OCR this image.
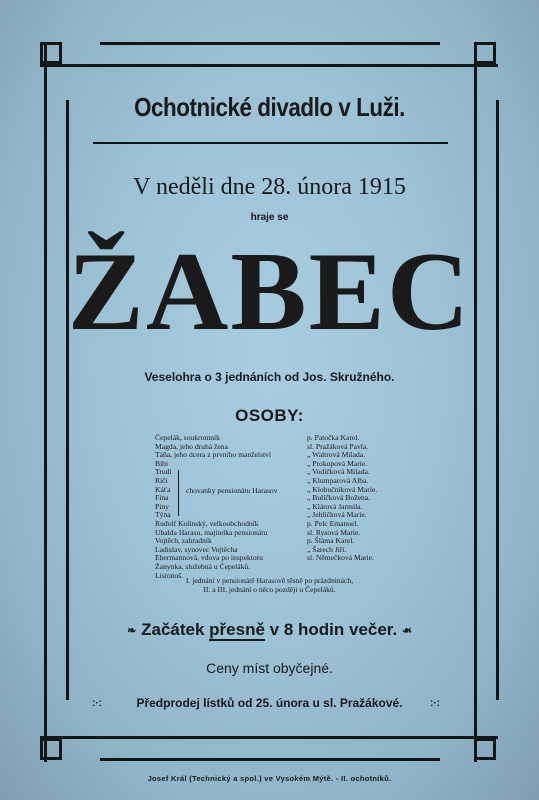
Ochotnické divadlo v Luži.
V neděli dne 28. února 1915
hraje se
ŽABEC
Veselohra o 3 jednáních od Jos. Skružného.
OSOBY:
Čepelák, soukromník	p. Patočka Karel.
Magda, jeho druhá žena	sl. Pražáková Pavla.
Táňa, jeho dcera z prvního manželství	„ Waltrová Milada.
Bibi	„ Prokopová Marie.
Trudi	„ Vodičková Milada.
Riči	„ Klumparová Alba.
Káťa	„ Klobučníková Marie.
Fina	„ Bulíčková Božena.
Piny	„ Klátová Jarmila.
Týna	„ Jehličková Marie.
Rudolf Kolinský, velkoobchodník	p. Pelc Emanuel.
Ubalda Harasu, majitelka pensionátu	sl. Rysová Marie.
Vojtěch, zahradník	p. Šláma Karel.
Ladislav, synovec Vojtěcha	„ Šarech Jiří.
Ebermannová, vdova po inspektoru	sl. Němečková Marie.
Žanynka, služebná u Čepeláků.
Listonoš.
chovanky pensionátu Harasov
I. jednání v pensionátě Harasově těsně po prázdninách,
II. a III. jednání o něco později u Čepeláků.
❧ Začátek přesně v 8 hodin večer. ☙
Ceny míst obyčejné.
:·:	Předprodej lístků od 25. února u sl. Pražákové.	:·:
Josef Král (Technický a spol.) ve Vysokém Mýtě. - II. ochotníků.
